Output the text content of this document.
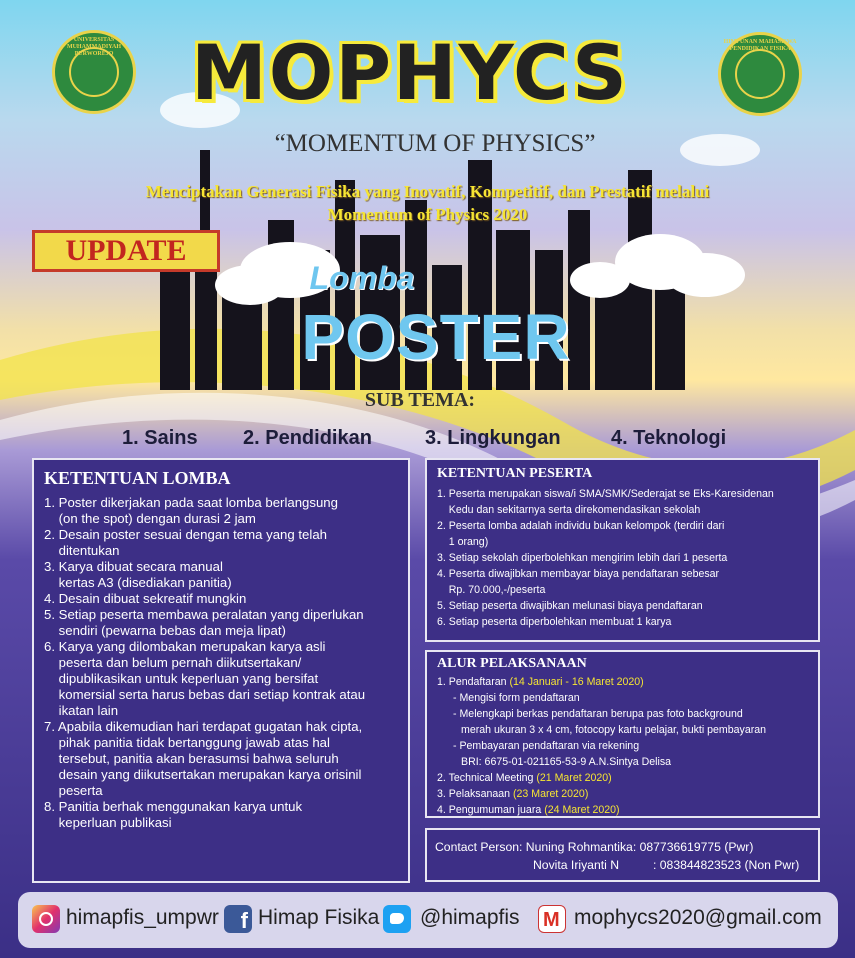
UNIVERSITAS MUHAMMADIYAH PURWOREJO
HIMPUNAN MAHASISWA PENDIDIKAN FISIKA
MOPHYCS
“MOMENTUM OF PHYSICS”
Menciptakan Generasi Fisika yang Inovatif, Kompetitif, dan Prestatif melalui
Momentum of Physics 2020
UPDATE
Lomba
POSTER
SUB TEMA:
1. Sains 2. Pendidikan	3. Lingkungan	4. Teknologi
KETENTUAN LOMBA
1. Poster dikerjakan pada saat lomba berlangsung
(on the spot) dengan durasi 2 jam
2. Desain poster sesuai dengan tema yang telah
ditentukan
3. Karya dibuat secara manual
kertas A3 (disediakan panitia)
4. Desain dibuat sekreatif mungkin
5. Setiap peserta membawa peralatan yang diperlukan
sendiri (pewarna bebas dan meja lipat)
6. Karya yang dilombakan merupakan karya asli
peserta dan belum pernah diikutsertakan/
dipublikasikan untuk keperluan yang bersifat
komersial serta harus bebas dari setiap kontrak atau
ikatan lain
7. Apabila dikemudian hari terdapat gugatan hak cipta,
pihak panitia tidak bertanggung jawab atas hal
tersebut, panitia akan berasumsi bahwa seluruh
desain yang diikutsertakan merupakan karya orisinil
peserta
8. Panitia berhak menggunakan karya untuk
keperluan publikasi
KETENTUAN PESERTA
1. Peserta merupakan siswa/i SMA/SMK/Sederajat se Eks-Karesidenan
Kedu dan sekitarnya serta direkomendasikan sekolah
2. Peserta lomba adalah individu bukan kelompok (terdiri dari
1 orang)
3. Setiap sekolah diperbolehkan mengirim lebih dari 1 peserta
4. Peserta diwajibkan membayar biaya pendaftaran sebesar
Rp. 70.000,-/peserta
5. Setiap peserta diwajibkan melunasi biaya pendaftaran
6. Setiap peserta diperbolehkan membuat 1 karya
ALUR PELAKSANAAN
1. Pendaftaran (14 Januari - 16 Maret 2020)
- Mengisi form pendaftaran
- Melengkapi berkas pendaftaran berupa pas foto background
merah ukuran 3 x 4 cm, fotocopy kartu pelajar, bukti pembayaran
- Pembayaran pendaftaran via rekening
BRI: 6675-01-021165-53-9 A.N.Sintya Delisa
2. Technical Meeting (21 Maret 2020)
3. Pelaksanaan (23 Maret 2020)
4. Pengumuman juara (24 Maret 2020)
Contact Person: Nuning Rohmantika: 087736619775 (Pwr)
Novita Iriyanti N	: 083844823523 (Non Pwr)
himapfis_umpwr f Himap Fisika @himapfis M mophycs2020@gmail.com
